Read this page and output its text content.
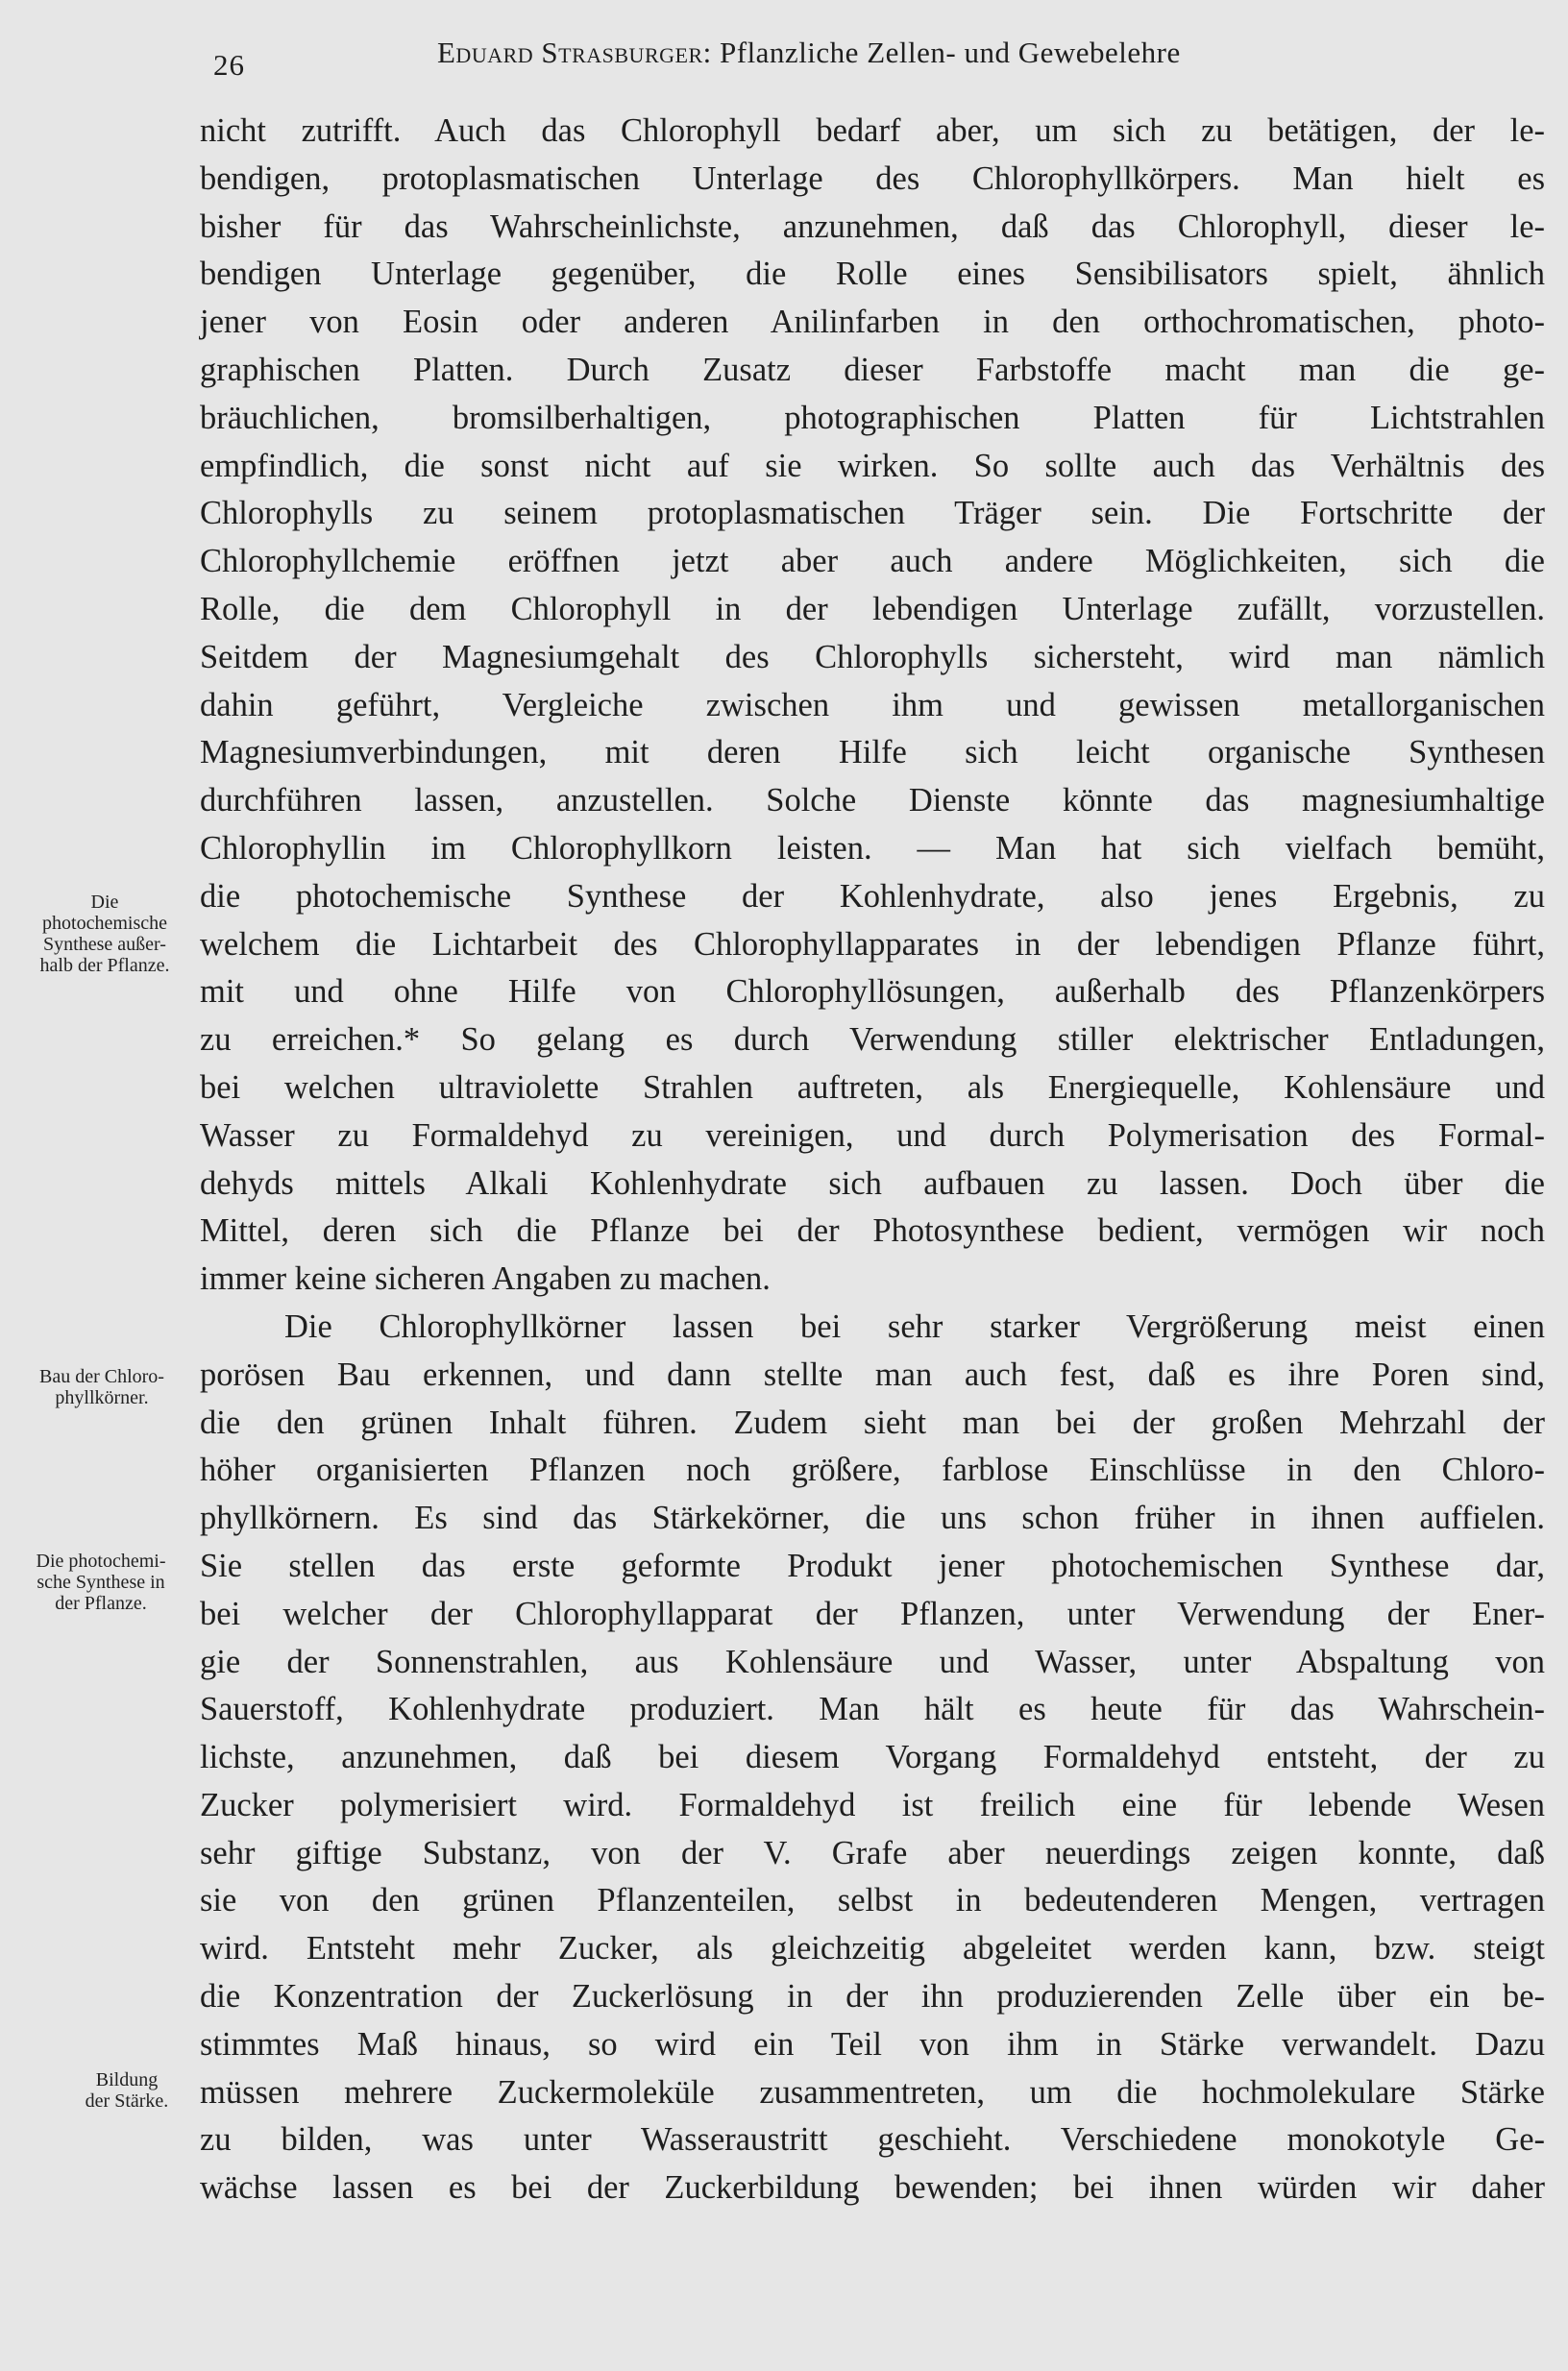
26	Eduard Strasburger: Pflanzliche Zellen- und Gewebelehre
Die
photochemische
Synthese außer-
halb der Pflanze.
Bau der Chloro-
phyllkörner.
Die photochemi-
sche Synthese in
der Pflanze.
Bildung
der Stärke.
nicht zutrifft. Auch das Chlorophyll bedarf aber, um sich zu betätigen, der le-
bendigen, protoplasmatischen Unterlage des Chlorophyllkörpers. Man hielt es
bisher für das Wahrscheinlichste, anzunehmen, daß das Chlorophyll, dieser le-
bendigen Unterlage gegenüber, die Rolle eines Sensibilisators spielt, ähnlich
jener von Eosin oder anderen Anilinfarben in den orthochromatischen, photo-
graphischen Platten. Durch Zusatz dieser Farbstoffe macht man die ge-
bräuchlichen, bromsilberhaltigen, photographischen Platten für Lichtstrahlen
empfindlich, die sonst nicht auf sie wirken. So sollte auch das Verhältnis des
Chlorophylls zu seinem protoplasmatischen Träger sein. Die Fortschritte der
Chlorophyllchemie eröffnen jetzt aber auch andere Möglichkeiten, sich die
Rolle, die dem Chlorophyll in der lebendigen Unterlage zufällt, vorzustellen.
Seitdem der Magnesiumgehalt des Chlorophylls sichersteht, wird man nämlich
dahin geführt, Vergleiche zwischen ihm und gewissen metallorganischen
Magnesiumverbindungen, mit deren Hilfe sich leicht organische Synthesen
durchführen lassen, anzustellen. Solche Dienste könnte das magnesiumhaltige
Chlorophyllin im Chlorophyllkorn leisten. — Man hat sich vielfach bemüht,
die photochemische Synthese der Kohlenhydrate, also jenes Ergebnis, zu
welchem die Lichtarbeit des Chlorophyllapparates in der lebendigen Pflanze führt,
mit und ohne Hilfe von Chlorophyllösungen, außerhalb des Pflanzenkörpers
zu erreichen.* So gelang es durch Verwendung stiller elektrischer Entladungen,
bei welchen ultraviolette Strahlen auftreten, als Energiequelle, Kohlensäure und
Wasser zu Formaldehyd zu vereinigen, und durch Polymerisation des Formal-
dehyds mittels Alkali Kohlenhydrate sich aufbauen zu lassen. Doch über die
Mittel, deren sich die Pflanze bei der Photosynthese bedient, vermögen wir noch
immer keine sicheren Angaben zu machen.
Die Chlorophyllkörner lassen bei sehr starker Vergrößerung meist einen
porösen Bau erkennen, und dann stellte man auch fest, daß es ihre Poren sind,
die den grünen Inhalt führen. Zudem sieht man bei der großen Mehrzahl der
höher organisierten Pflanzen noch größere, farblose Einschlüsse in den Chloro-
phyllkörnern. Es sind das Stärkekörner, die uns schon früher in ihnen auffielen.
Sie stellen das erste geformte Produkt jener photochemischen Synthese dar,
bei welcher der Chlorophyllapparat der Pflanzen, unter Verwendung der Ener-
gie der Sonnenstrahlen, aus Kohlensäure und Wasser, unter Abspaltung von
Sauerstoff, Kohlenhydrate produziert. Man hält es heute für das Wahrschein-
lichste, anzunehmen, daß bei diesem Vorgang Formaldehyd entsteht, der zu
Zucker polymerisiert wird. Formaldehyd ist freilich eine für lebende Wesen
sehr giftige Substanz, von der V. Grafe aber neuerdings zeigen konnte, daß
sie von den grünen Pflanzenteilen, selbst in bedeutenderen Mengen, vertragen
wird. Entsteht mehr Zucker, als gleichzeitig abgeleitet werden kann, bzw. steigt
die Konzentration der Zuckerlösung in der ihn produzierenden Zelle über ein be-
stimmtes Maß hinaus, so wird ein Teil von ihm in Stärke verwandelt. Dazu
müssen mehrere Zuckermoleküle zusammentreten, um die hochmolekulare Stärke
zu bilden, was unter Wasseraustritt geschieht. Verschiedene monokotyle Ge-
wächse lassen es bei der Zuckerbildung bewenden; bei ihnen würden wir daher
